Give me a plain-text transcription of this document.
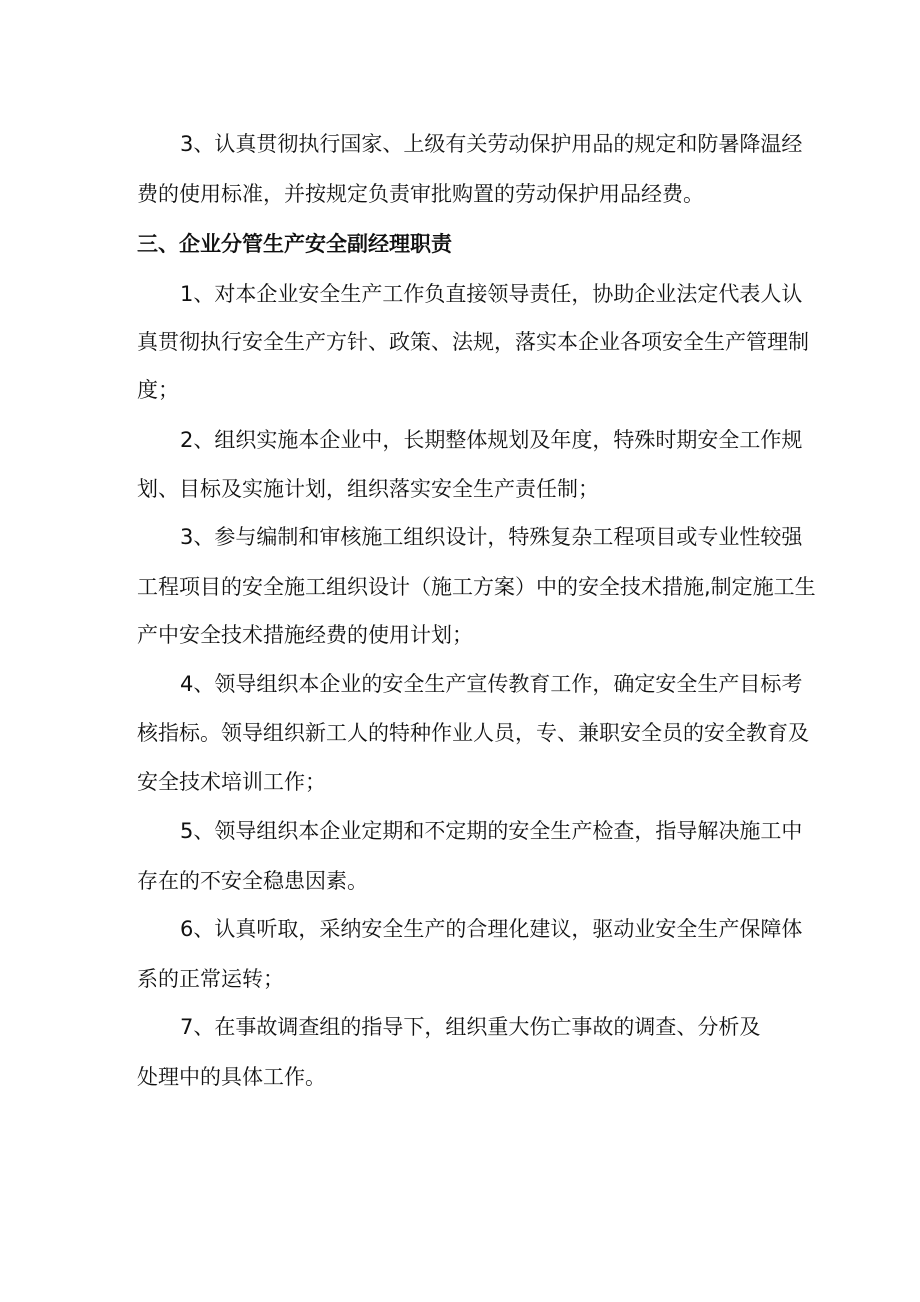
3、认真贯彻执行国家、上级有关劳动保护用品的规定和防暑降温经
费的使用标准，并按规定负责审批购置的劳动保护用品经费。
三、企业分管生产安全副经理职责
1、对本企业安全生产工作负直接领导责任，协助企业法定代表人认
真贯彻执行安全生产方针、政策、法规，落实本企业各项安全生产管理制
度；
2、组织实施本企业中，长期整体规划及年度，特殊时期安全工作规
划、目标及实施计划，组织落实安全生产责任制；
3、参与编制和审核施工组织设计，特殊复杂工程项目或专业性较强
工程项目的安全施工组织设计（施工方案）中的安全技术措施,制定施工生
产中安全技术措施经费的使用计划；
4、领导组织本企业的安全生产宣传教育工作，确定安全生产目标考
核指标。领导组织新工人的特种作业人员，专、兼职安全员的安全教育及
安全技术培训工作；
5、领导组织本企业定期和不定期的安全生产检查，指导解决施工中
存在的不安全稳患因素。
6、认真听取，采纳安全生产的合理化建议，驱动业安全生产保障体
系的正常运转；
7、在事故调查组的指导下，组织重大伤亡事故的调查、分析及
处理中的具体工作。
